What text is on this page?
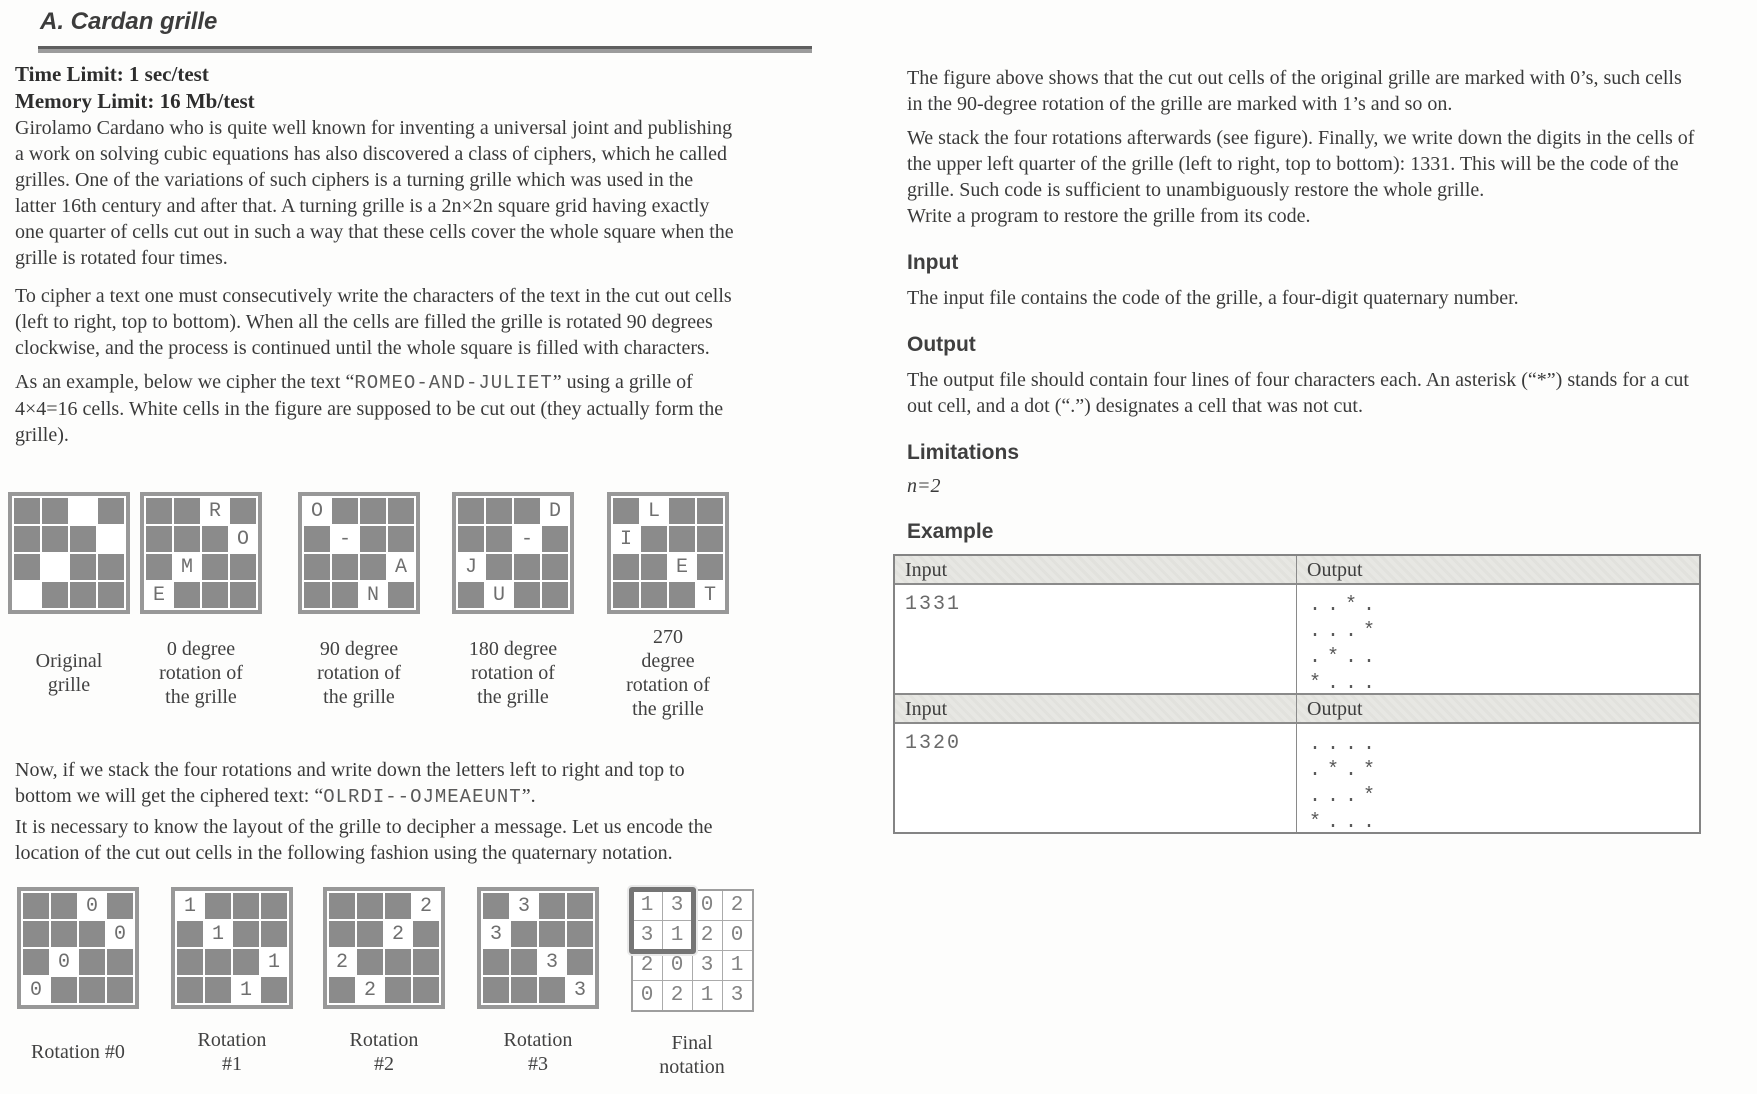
A. Cardan grille

Time Limit: 1 sec/test

Memory Limit: 16 Mb/test

Girolamo Cardano who is quite well known for inventing a universal joint and publishing a work on solving cubic equations has also discovered a class of ciphers, which he called grilles. One of the variations of such ciphers is a turning grille which was used in the latter 16th century and after that. A turning grille is a 2n×2n square grid having exactly one quarter of cells cut out in such a way that these cells cover the whole square when the grille is rotated four times.

To cipher a text one must consecutively write the characters of the text in the cut out cells (left to right, top to bottom). When all the cells are filled the grille is rotated 90 degrees clockwise, and the process is continued until the whole square is filled with characters.

As an example, below we cipher the text “ROMEO-AND-JULIET” using a grille of 4×4=16 cells. White cells in the figure are supposed to be cut out (they actually form the grille).

Now, if we stack the four rotations and write down the letters left to right and top to bottom we will get the ciphered text: “OLRDI--OJMEAEUNT”.

It is necessary to know the layout of the grille to decipher a message. Let us encode the location of the cut out cells in the following fashion using the quaternary notation.

Original
grille
R
O
M
E
0 degree
rotation of
the grille
O
-
A
N
90 degree
rotation of
the grille
D
-
J
U
180 degree
rotation of
the grille
L
I
E
T
270
degree
rotation of
the grille
0
0
0
0
Rotation #0
1
1
1
1
Rotation
#1
2
2
2
2
Rotation
#2
3
3
3
3
Rotation
#3
1 3 0 2
3 1 2 0
2 0 3 1
0 2 1 3
Final
notation

The figure above shows that the cut out cells of the original grille are marked with 0’s, such cells in the 90-degree rotation of the grille are marked with 1’s and so on.

We stack the four rotations afterwards (see figure). Finally, we write down the digits in the cells of the upper left quarter of the grille (left to right, top to bottom): 1331. This will be the code of the grille. Such code is sufficient to unambiguously restore the whole grille.

Write a program to restore the grille from its code.

Input

The input file contains the code of the grille, a four-digit quaternary number.

Output

The output file should contain four lines of four characters each. An asterisk (“*”) stands for a cut out cell, and a dot (“.”) designates a cell that was not cut.

Limitations

n=2

Example
Input	Output
1331	..*.
...*
.*..
*...
Input	Output
1320	....
.*.*
...*
*...
